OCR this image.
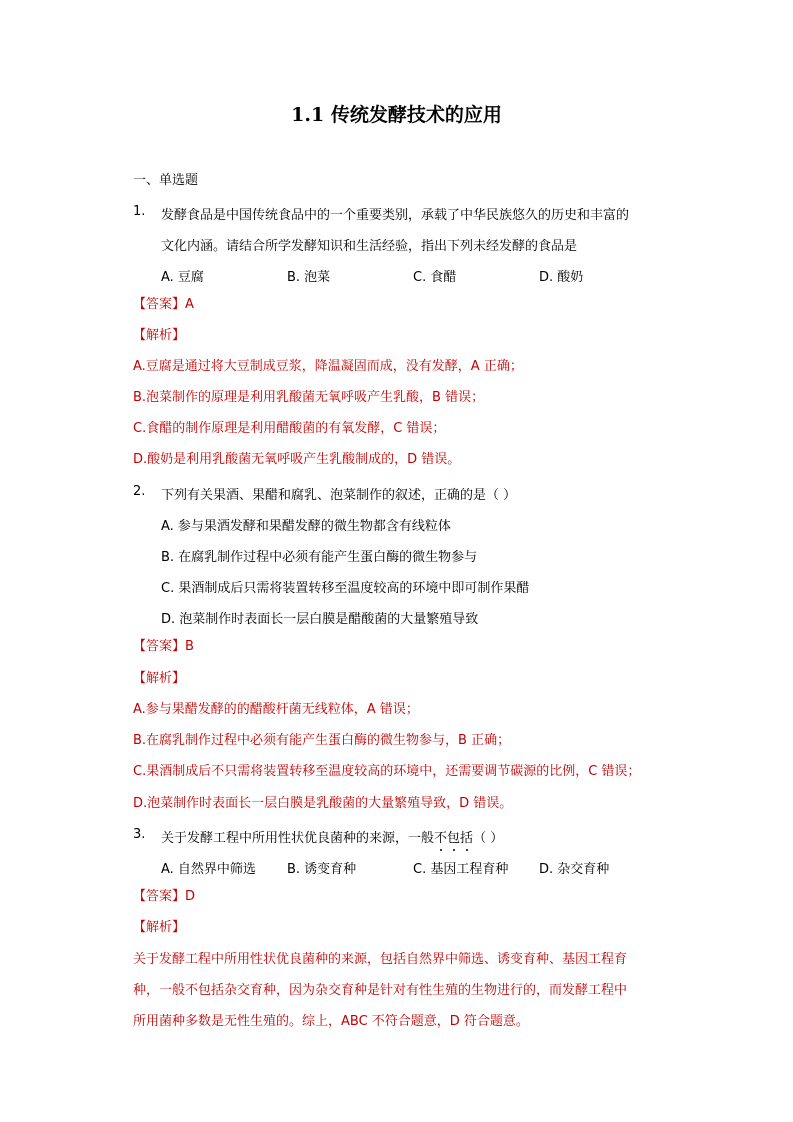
1.1 传统发酵技术的应用
一、单选题
1. 发酵食品是中国传统食品中的一个重要类别，承载了中华民族悠久的历史和丰富的
文化内涵。请结合所学发酵知识和生活经验，指出下列未经发酵的食品是
A. 豆腐	B. 泡菜	C. 食醋	D. 酸奶
【答案】A
【解析】
A.豆腐是通过将大豆制成豆浆，降温凝固而成，没有发酵，A 正确；
B.泡菜制作的原理是利用乳酸菌无氧呼吸产生乳酸，B 错误；
C.食醋的制作原理是利用醋酸菌的有氧发酵，C 错误；
D.酸奶是利用乳酸菌无氧呼吸产生乳酸制成的，D 错误。
2. 下列有关果酒、果醋和腐乳、泡菜制作的叙述，正确的是（ ）
A. 参与果酒发酵和果醋发酵的微生物都含有线粒体
B. 在腐乳制作过程中必须有能产生蛋白酶的微生物参与
C. 果酒制成后只需将装置转移至温度较高的环境中即可制作果醋
D. 泡菜制作时表面长一层白膜是醋酸菌的大量繁殖导致
【答案】B
【解析】
A.参与果醋发酵的的醋酸杆菌无线粒体，A 错误；
B.在腐乳制作过程中必须有能产生蛋白酶的微生物参与，B 正确；
C.果酒制成后不只需将装置转移至温度较高的环境中，还需要调节碳源的比例，C 错误；
D.泡菜制作时表面长一层白膜是乳酸菌的大量繁殖导致，D 错误。
3. 关于发酵工程中所用性状优良菌种的来源，一般不包括（ ）
A. 自然界中筛选 B. 诱变育种	C. 基因工程育种 D. 杂交育种
【答案】D
【解析】
关于发酵工程中所用性状优良菌种的来源，包括自然界中筛选、诱变育种、基因工程育
种，一般不包括杂交育种，因为杂交育种是针对有性生殖的生物进行的，而发酵工程中
所用菌种多数是无性生殖的。综上，ABC 不符合题意，D 符合题意。
